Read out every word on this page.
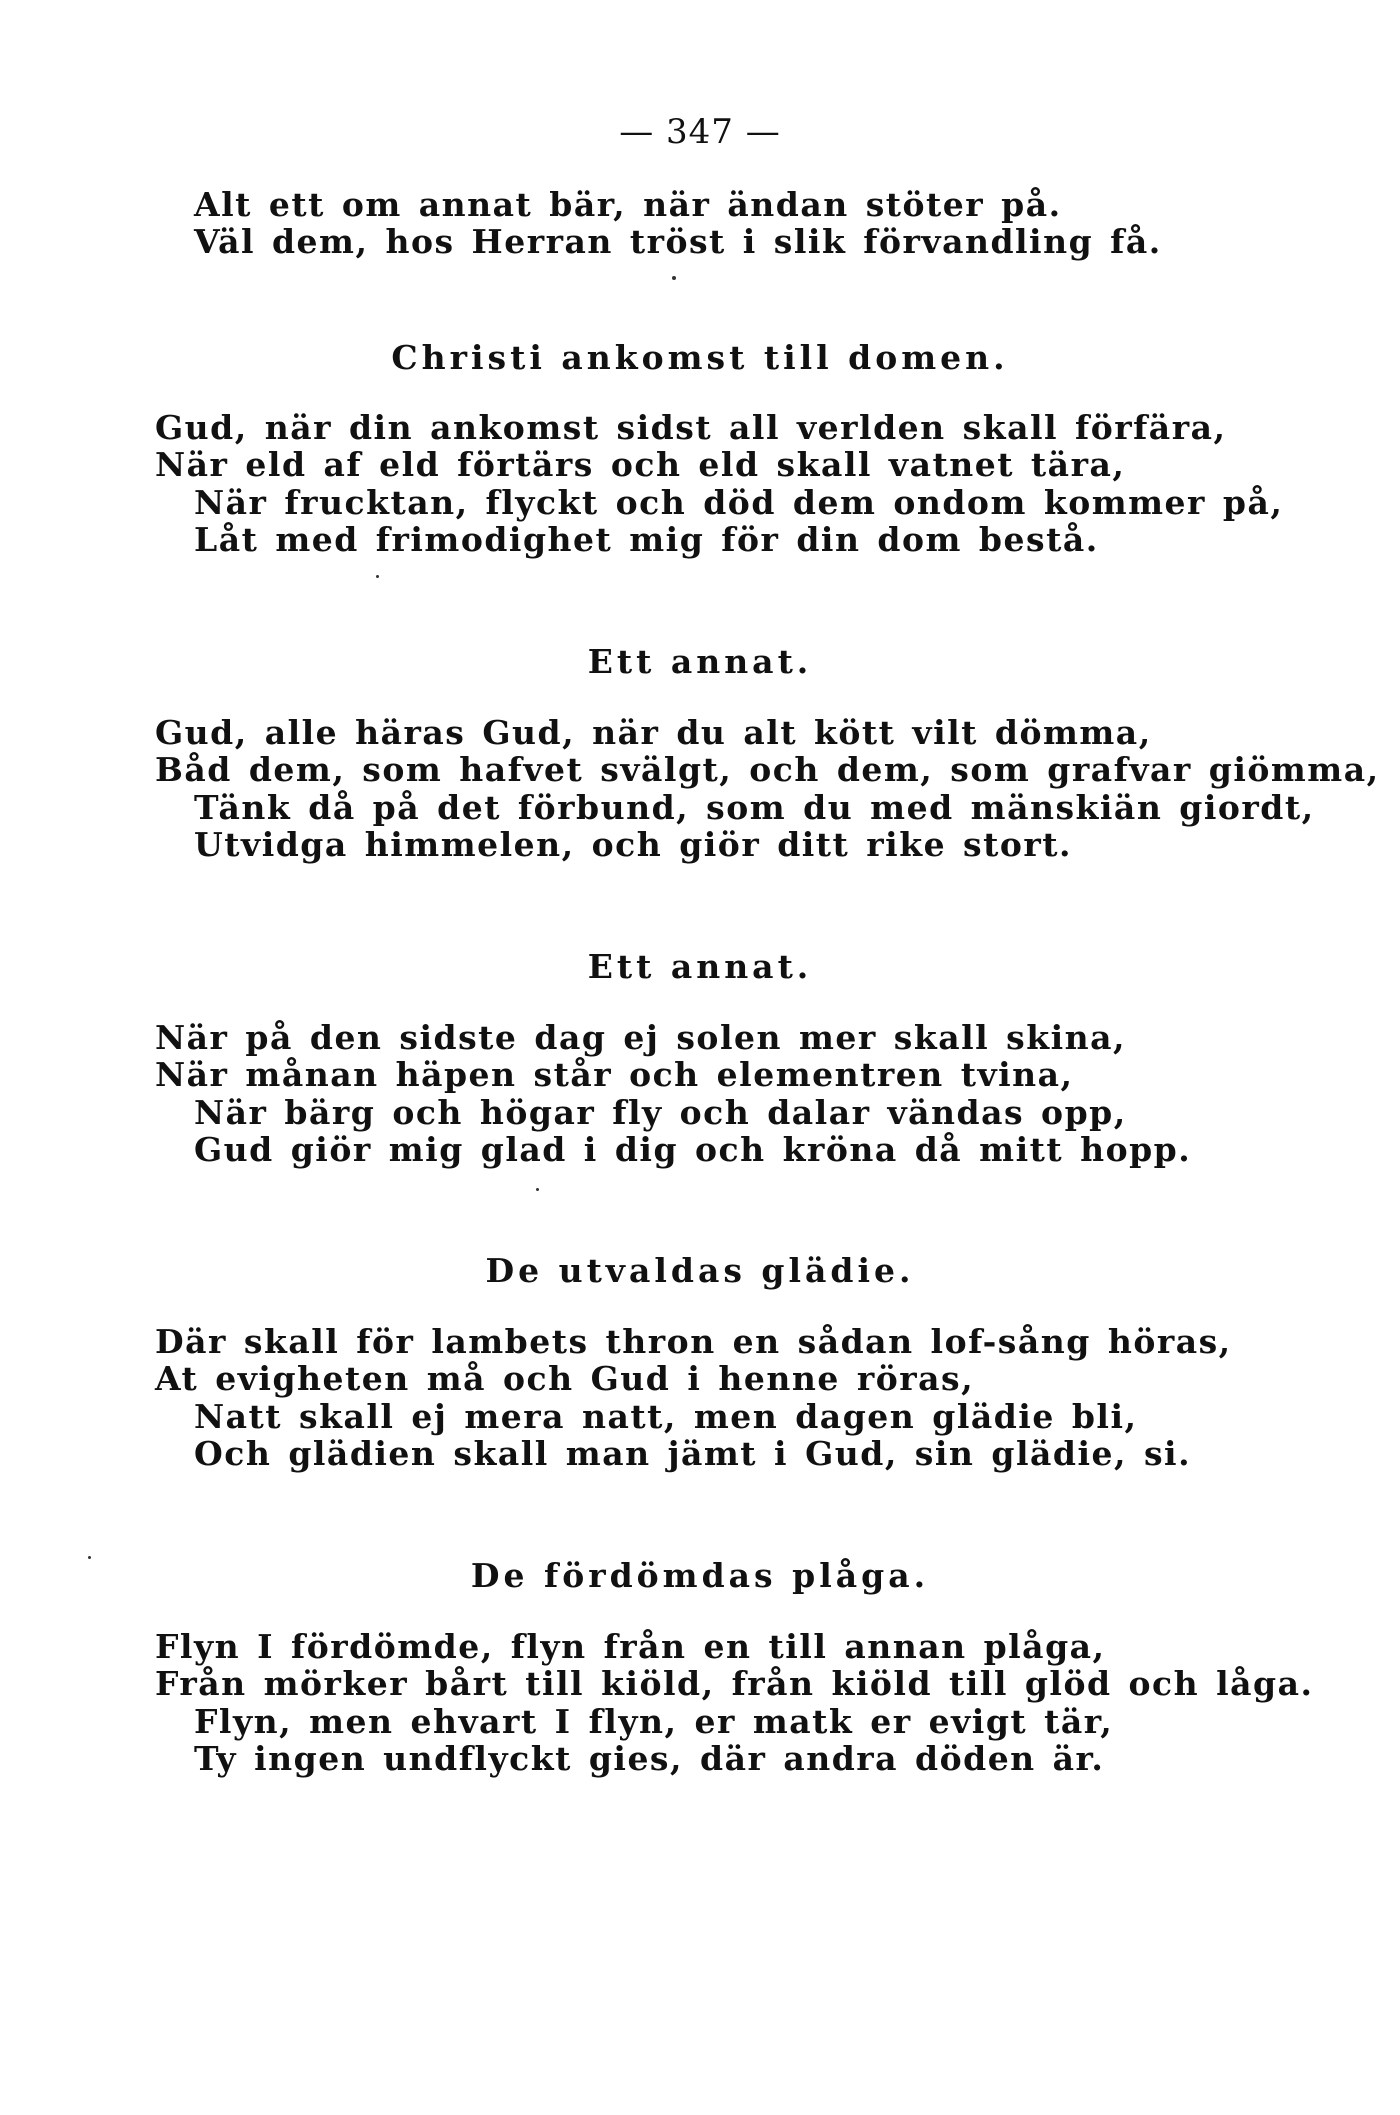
— 347 —
Alt ett om annat bär, när ändan stöter på.
Väl dem, hos Herran tröst i slik förvandling få.
Christi ankomst till domen.
Gud, när din ankomst sidst all verlden skall förfära,
När eld af eld förtärs och eld skall vatnet tära,
När frucktan, flyckt och död dem ondom kommer på,
Låt med frimodighet mig för din dom bestå.
Ett annat.
Gud, alle häras Gud, när du alt kött vilt dömma,
Båd dem, som hafvet svälgt, och dem, som grafvar giömma,
Tänk då på det förbund, som du med mänskiän giordt,
Utvidga himmelen, och giör ditt rike stort.
Ett annat.
När på den sidste dag ej solen mer skall skina,
När månan häpen står och elementren tvina,
När bärg och högar fly och dalar vändas opp,
Gud giör mig glad i dig och kröna då mitt hopp.
De utvaldas glädie.
Där skall för lambets thron en sådan lof-sång höras,
At evigheten må och Gud i henne röras,
Natt skall ej mera natt, men dagen glädie bli,
Och glädien skall man jämt i Gud, sin glädie, si.
De fördömdas plåga.
Flyn I fördömde, flyn från en till annan plåga,
Från mörker bårt till kiöld, från kiöld till glöd och låga.
Flyn, men ehvart I flyn, er matk er evigt tär,
Ty ingen undflyckt gies, där andra döden är.
